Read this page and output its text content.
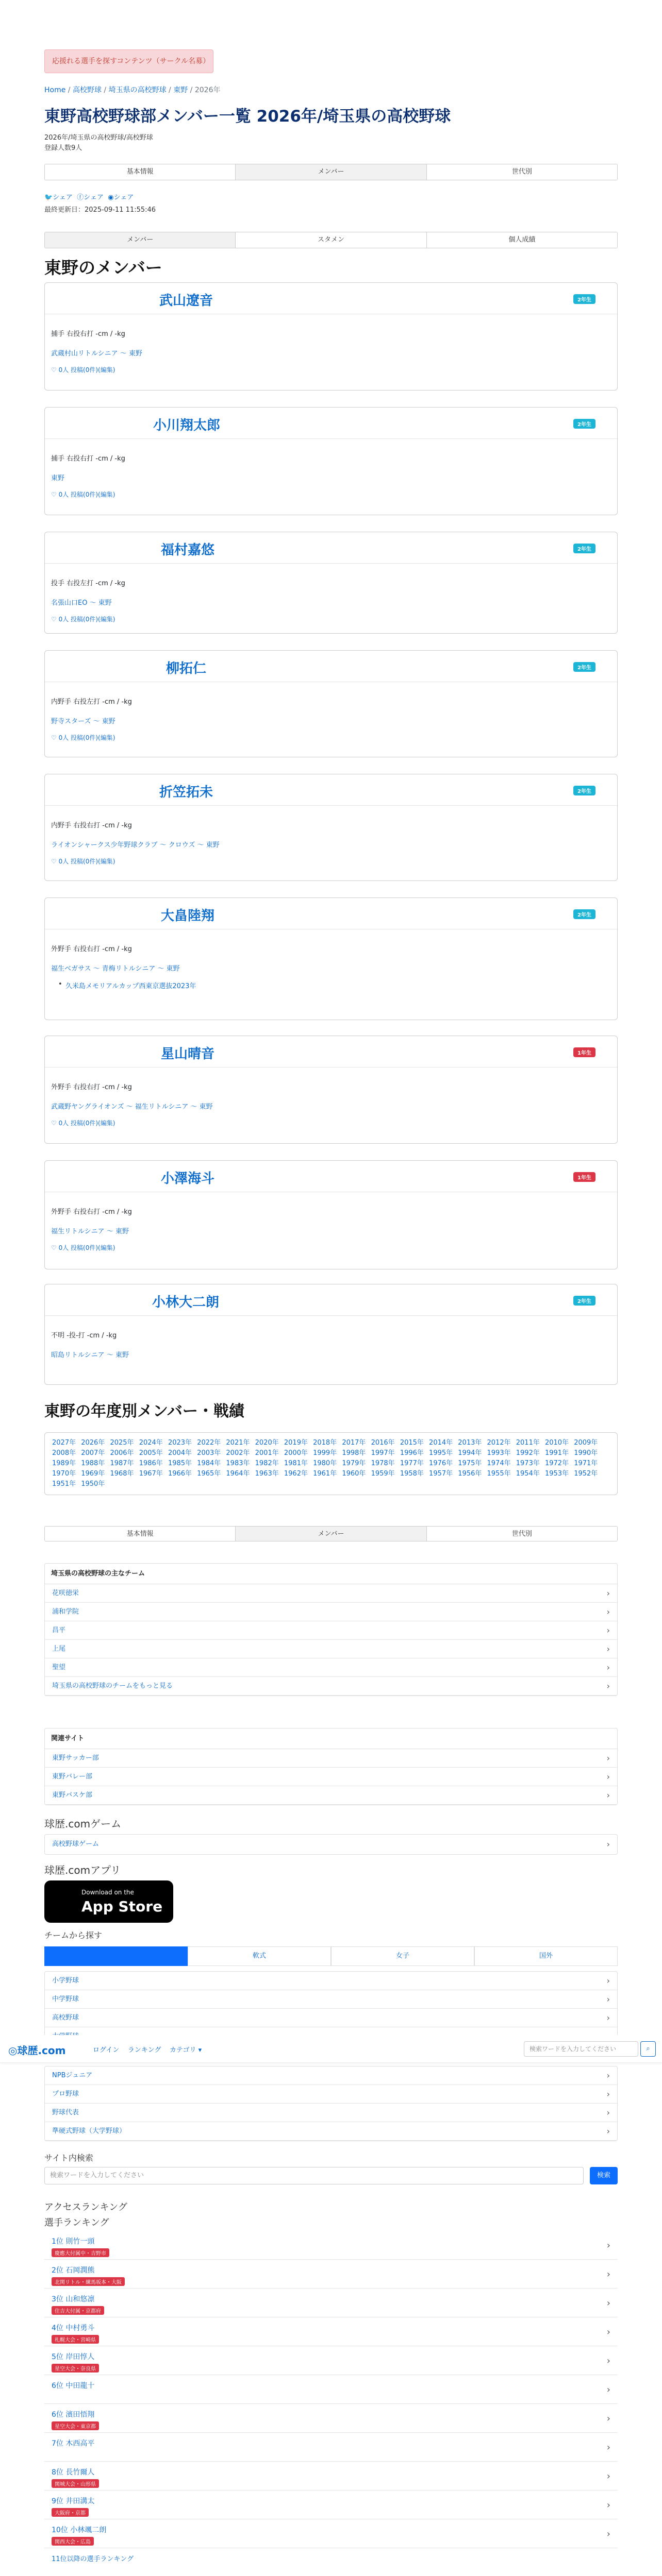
応援れる選手を探すコンテンツ（サークル名募）
Home / 高校野球 / 埼玉県の高校野球 / 東野 / 2026年
東野高校野球部メンバー一覧 2026年/埼玉県の高校野球
2026年/埼玉県の高校野球/高校野球
登録人数9人
基本情報	メンバー	世代別
🐦シェア ⓕシェア ◉シェア
最終更新日：2025-09-11 11:55:46
メンバー	スタメン	個人成績
東野のメンバー
東野の年度別メンバー・戦績
2027年 2026年 2025年 2024年 2023年 2022年 2021年 2020年 2019年 2018年 2017年 2016年 2015年 2014年 2013年 2012年 2011年 2010年 2009年 2008年 2007年 2006年 2005年 2004年 2003年 2002年 2001年 2000年 1999年 1998年 1997年 1996年 1995年 1994年 1993年 1992年 1991年 1990年 1989年 1988年 1987年 1986年 1985年 1984年 1983年 1982年 1981年 1980年 1979年 1978年 1977年 1976年 1975年 1974年 1973年 1972年 1971年 1970年 1969年 1968年 1967年 1966年 1965年 1964年 1963年 1962年 1961年 1960年 1959年 1958年 1957年 1956年 1955年 1954年 1953年 1952年 1951年 1950年
基本情報	メンバー	世代別
埼玉県の高校野球の主なチーム
花咲徳栄 ›
浦和学院 ›
昌平 ›
上尾 ›
聖望 ›
埼玉県の高校野球のチームをもっと見る ›
関連サイト
東野サッカー部 ›
東野バレー部 ›
東野バスケ部 ›
球歴.comゲーム
高校野球ゲーム ›
球歴.comアプリ
Download on the
App Store
チームから探す
軟式	女子	国外
小学野球 ›
中学野球 ›
高校野球 ›
›
NPBジュニア ›
プロ野球 ›
野球代表 ›
準硬式野球（大学野球） ›
サイト内検索
検索ワードを入力してください	検索
アクセスランキング
選手ランキング
1位 則竹一頭
慶應大付属中・吉野市
›
2位 石岡潤熊
北関リトル・練馬坂本・大阪
›
3位 山和悠凛
住吉大付属・京都府
›
4位 中村勇斗
札幌大会・宮崎県
›
5位 岸田惇人
星空大会・奈良県
›
6位 中田龍十
›
6位 濱田悟翔
星空大会・東京都
›
7位 木西高平
›
8位 長竹爾人
関城大会・山形県
›
9位 井田溝太
大阪府・京都
›
10位 小林颯二朗
関西大会・広島
›
11位以降の選手ランキング
武山遼音	2年生
捕手 右投右打 -cm / -kg
武蔵村山リトルシニア 〜 東野
♡ 0人 投稿(0件)(編集)
小川翔太郎	2年生
捕手 右投右打 -cm / -kg
東野
♡ 0人 投稿(0件)(編集)
福村嘉悠	2年生
投手 右投左打 -cm / -kg
名張山口EO 〜 東野
♡ 0人 投稿(0件)(編集)
柳拓仁	2年生
内野手 右投左打 -cm / -kg
野寺スターズ 〜 東野
♡ 0人 投稿(0件)(編集)
折笠拓未	2年生
内野手 右投右打 -cm / -kg
ライオンシャークス少年野球クラブ 〜 クロウズ 〜 東野
♡ 0人 投稿(0件)(編集)
大畠陸翔	2年生
外野手 右投右打 -cm / -kg
福生ベガサス 〜 青梅リトルシニア 〜 東野
• 久米島メモリアルカップ西東京選抜2023年
星山晴音	1年生
外野手 右投右打 -cm / -kg
武蔵野ヤングライオンズ 〜 福生リトルシニア 〜 東野
♡ 0人 投稿(0件)(編集)
小澤海斗	1年生
外野手 右投右打 -cm / -kg
福生リトルシニア 〜 東野
♡ 0人 投稿(0件)(編集)
小林大二朗	2年生
不明 -投-打 -cm / -kg
昭島リトルシニア 〜 東野
◎球歴.com	ログイン ランキング カテゴリ ▾	検索ワードを入力してください	⌕
